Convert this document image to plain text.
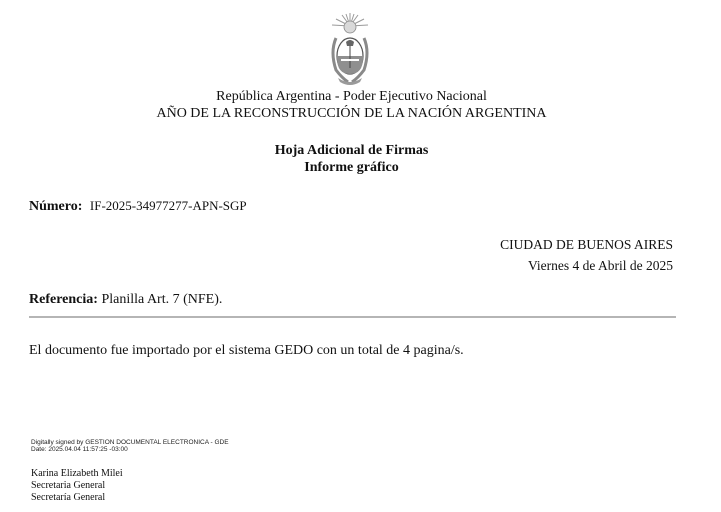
República Argentina - Poder Ejecutivo Nacional
AÑO DE LA RECONSTRUCCIÓN DE LA NACIÓN ARGENTINA
Hoja Adicional de Firmas
Informe gráfico
Número: IF-2025-34977277-APN-SGP
CIUDAD DE BUENOS AIRES
Viernes 4 de Abril de 2025
Referencia: Planilla Art. 7 (NFE).
El documento fue importado por el sistema GEDO con un total de 4 pagina/s.
Digitally signed by GESTION DOCUMENTAL ELECTRONICA - GDE
Date: 2025.04.04 11:57:25 -03:00
Karina Elizabeth Milei
Secretaria General
Secretaría General
